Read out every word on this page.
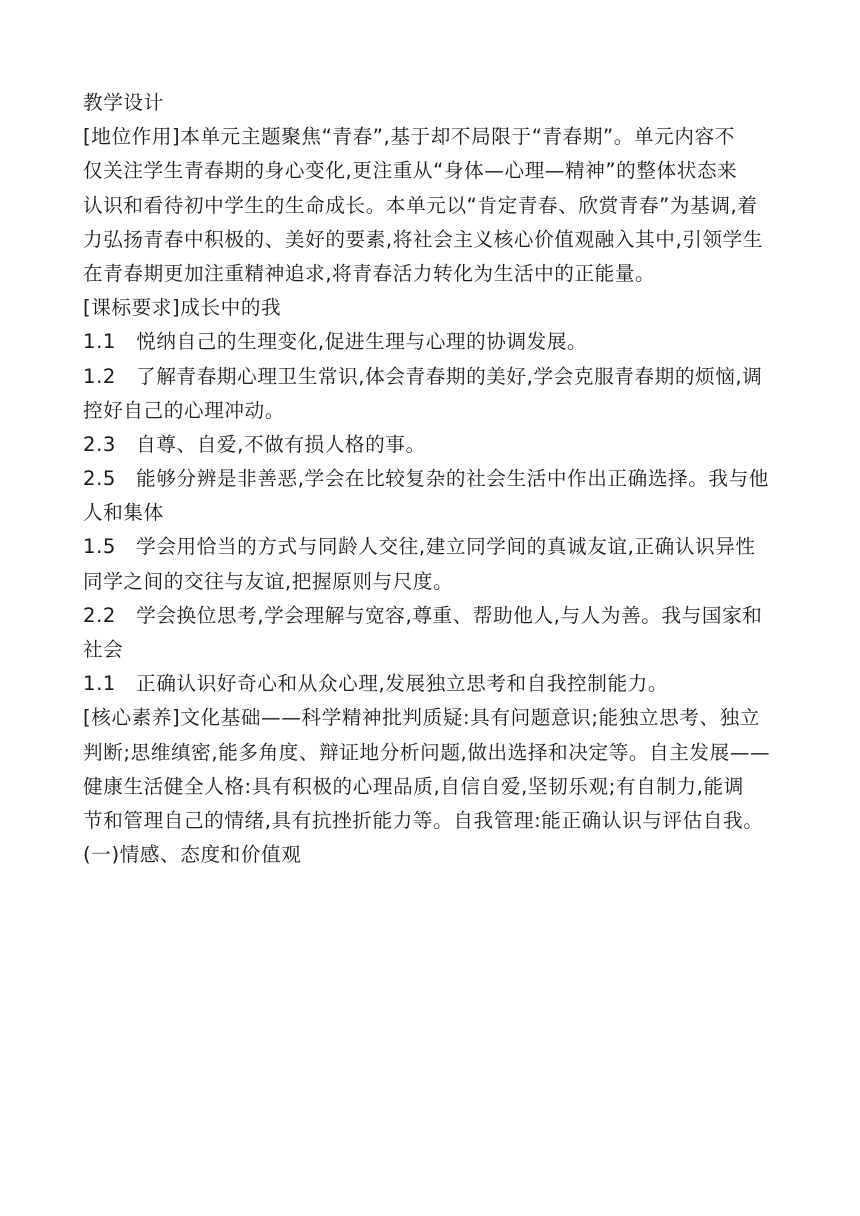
教学设计
[地位作用]本单元主题聚焦“青春”,基于却不局限于“青春期”。单元内容不
仅关注学生青春期的身心变化,更注重从“身体—心理—精神”的整体状态来
认识和看待初中学生的生命成长。本单元以“肯定青春、欣赏青春”为基调,着
力弘扬青春中积极的、美好的要素,将社会主义核心价值观融入其中,引领学生
在青春期更加注重精神追求,将青春活力转化为生活中的正能量。
[课标要求]成长中的我
1.1　悦纳自己的生理变化,促进生理与心理的协调发展。
1.2　了解青春期心理卫生常识,体会青春期的美好,学会克服青春期的烦恼,调
控好自己的心理冲动。
2.3　自尊、自爱,不做有损人格的事。
2.5　能够分辨是非善恶,学会在比较复杂的社会生活中作出正确选择。我与他
人和集体
1.5　学会用恰当的方式与同龄人交往,建立同学间的真诚友谊,正确认识异性
同学之间的交往与友谊,把握原则与尺度。
2.2　学会换位思考,学会理解与宽容,尊重、帮助他人,与人为善。我与国家和
社会
1.1　正确认识好奇心和从众心理,发展独立思考和自我控制能力。
[核心素养]文化基础——科学精神批判质疑:具有问题意识;能独立思考、独立
判断;思维缜密,能多角度、辩证地分析问题,做出选择和决定等。自主发展——
健康生活健全人格:具有积极的心理品质,自信自爱,坚韧乐观;有自制力,能调
节和管理自己的情绪,具有抗挫折能力等。自我管理:能正确认识与评估自我。
(一)情感、态度和价值观
